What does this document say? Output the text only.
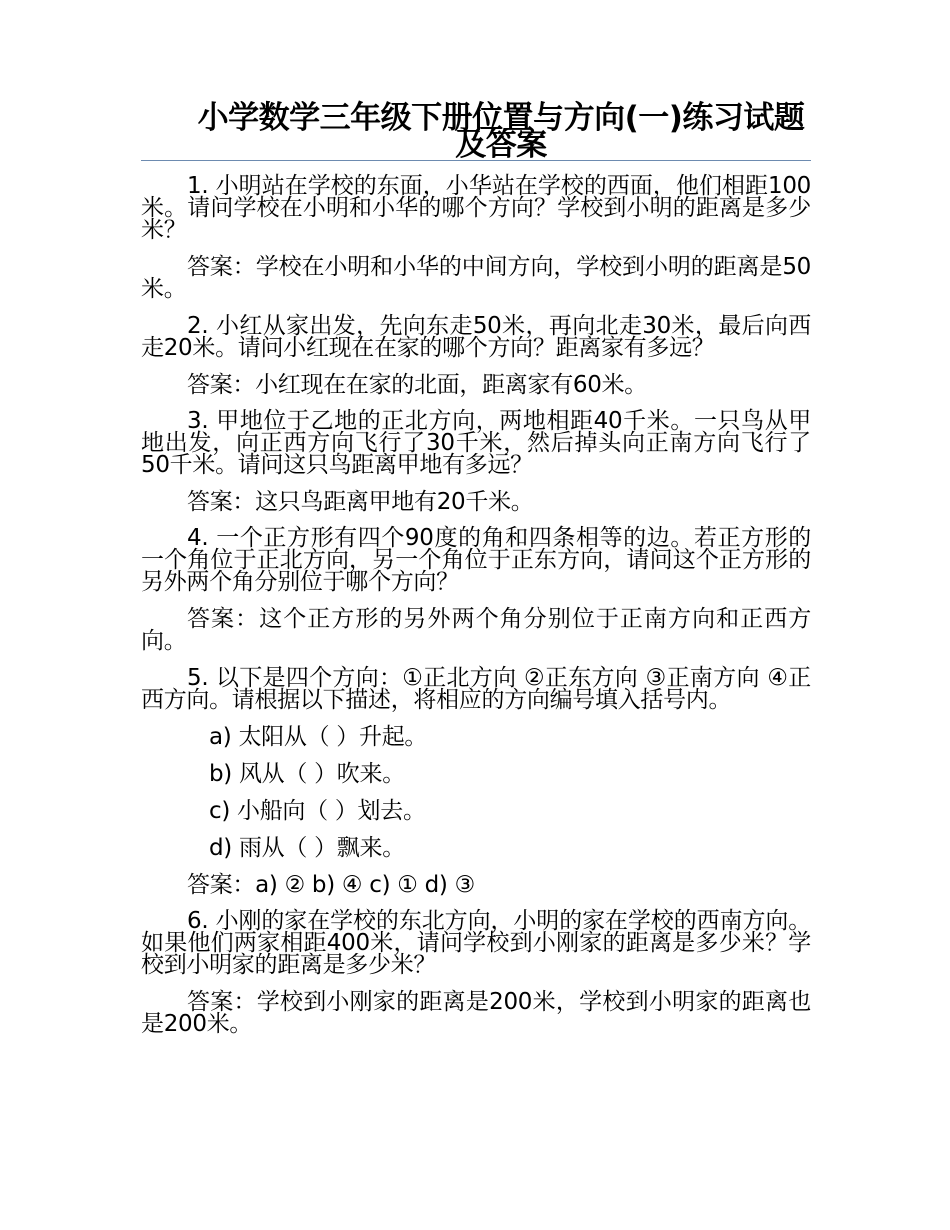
小学数学三年级下册位置与方向(一)练习试题及答案

1. 小明站在学校的东面，小华站在学校的西面，他们相距100米。请问学校在小明和小华的哪个方向？学校到小明的距离是多少米？

答案：学校在小明和小华的中间方向，学校到小明的距离是50米。

2. 小红从家出发，先向东走50米，再向北走30米，最后向西走20米。请问小红现在在家的哪个方向？距离家有多远？

答案：小红现在在家的北面，距离家有60米。

3. 甲地位于乙地的正北方向，两地相距40千米。一只鸟从甲地出发，向正西方向飞行了30千米，然后掉头向正南方向飞行了50千米。请问这只鸟距离甲地有多远？

答案：这只鸟距离甲地有20千米。

4. 一个正方形有四个90度的角和四条相等的边。若正方形的一个角位于正北方向，另一个角位于正东方向，请问这个正方形的另外两个角分别位于哪个方向？

答案：这个正方形的另外两个角分别位于正南方向和正西方向。

5. 以下是四个方向：①正北方向 ②正东方向 ③正南方向 ④正西方向。请根据以下描述，将相应的方向编号填入括号内。

a) 太阳从（ ）升起。
b) 风从（ ）吹来。
c) 小船向（ ）划去。
d) 雨从（ ）飘来。

答案：a) ② b) ④ c) ① d) ③

6. 小刚的家在学校的东北方向，小明的家在学校的西南方向。如果他们两家相距400米，请问学校到小刚家的距离是多少米？学校到小明家的距离是多少米？

答案：学校到小刚家的距离是200米，学校到小明家的距离也是200米。
